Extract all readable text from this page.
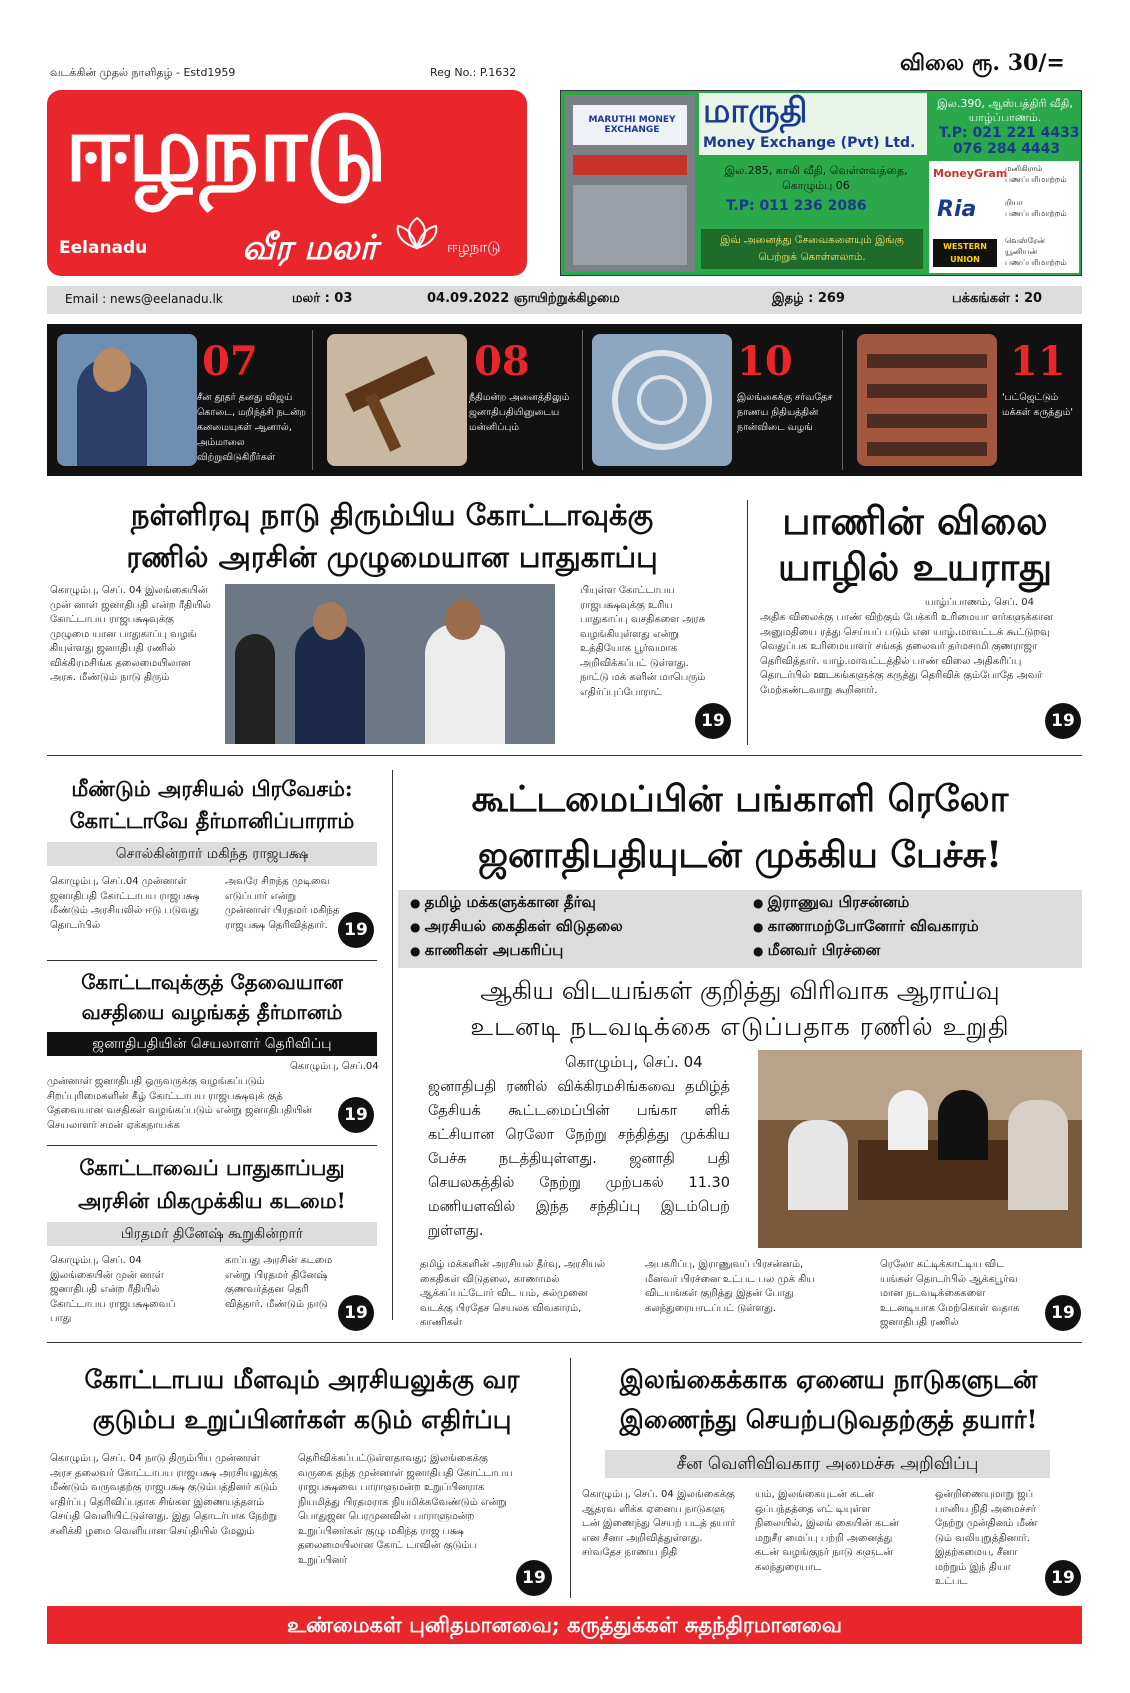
வடக்கின் முதல் நாளிதழ் - Estd1959	Reg No.: P.1632	விலை ரூ. 30/=
ஈழநாடு
Eelanadu	வீர மலர்	ஈழநாடு
MARUTHI MONEY EXCHANGE	மாருதி
Money Exchange (Pvt) Ltd.
இல.285, காலி வீதி, வெள்ளவத்தை, கொழும்பு 06
T.P: 011 236 2086
இவ் அனைத்து சேவைகளையும் இங்கு பெற்றுக் கொள்ளலாம்.
இல.390, ஆஸ்பத்திரி வீதி, யாழ்ப்பாணம்.
T.P: 021 221 4433
076 284 4443
MoneyGram
மனிகிராம் பணப்பரிமாற்றம்
Ria	றியா பணப்பரிமாற்றம்
WESTERN UNION
வெஸ்ரேன் யூனியன் பணப்பரிமாற்றம்
Email : news@eelanadu.lk	மலர் : 03	04.09.2022 ஞாயிற்றுக்கிழமை	இதழ் : 269	பக்கங்கள் : 20
07
சீன தூதர் தனது விஜய் கொடை, மறிந்த்சி நடன்ற கனமையுகள் ஆனால், அம்மாலை விற்றுவிடுகிறீர்கள்
08
நீதிமன்ற அனைத்திலும் ஜனாதிபதியினுடைய மன்னிப்பும்
10
இலங்கைக்கு சர்வதேச நாணய நிதியத்தின் நான்விடை வழங்
11
'பட்ஜெட்டும் மக்கள் கருத்தும்'
நள்ளிரவு நாடு திரும்பிய கோட்டாவுக்கு
ரணில் அரசின் முழுமையான பாதுகாப்பு
கொழும்பு, செப். 04 இலங்கையின் முன் னாள் ஜனாதிபதி என்ற ரீதியில் கோட்டாபய ராஜபக்ஷவுக்கு முழுமை யான பாதுகாப்பு வழங் கியுள்ளது ஜனாதிபதி ரணில் விக்கிரமசிங்க தலைமையிலான அரசு. மீண்டும் நாடு திரும்
பியுள்ள கோட்டாபய ராஜபக்ஷவுக்கு உரிய பாதுகாப்பு வசதிகளை அரசு வழங்கியுள்ளது என்று உத்தியோக பூர்வமாக அறிவிக்கப்பட் டுள்ளது. நாட்டு மக் களின் மாபெரும் எதிர்ப்புப்போராட்
19
பாணின் விலை
யாழில் உயராது
யாழ்ப்பாணம், செப். 04
அதிக விலைக்கு பாண் விற்கும் பேக்கரி உரிமையா ளர்களுக்கான அனுமதியை ரத்து செய்யப் படும் என யாழ்.மாவட்டக் கூட்டுறவு வெதுப்பக உரிமையாளர் சங்கத் தலைவர் தர்மசாமி குணராஜா தெரிவித்தார். யாழ்.மாவட்டத்தில் பாண் விலை அதிகரிப்பு தொடர்பில் ஊடகங்களுக்கு கருத்து தெரிவிக் கும்போதே அவர் மேற்கண்டவாறு கூறினார்.
19
மீண்டும் அரசியல் பிரவேசம்:
கோட்டாவே தீர்மானிப்பாராம்
சொல்கின்றார் மகிந்த ராஜபக்ஷ
கொழும்பு, செப்.04 முன்னாள் ஜனாதிபதி கோட்டாபய ராஜபக்ஷ மீண்டும் அரசியலில் ஈடு படுவது தொடர்பில்
அவரே சிறந்த முடிவை எடுப்பார் என்று முன்னாள் பிரதமர் மகிந்த ராஜபக்ஷ தெரிவித்தார். 19
கோட்டாவுக்குத் தேவையான
வசதியை வழங்கத் தீர்மானம்
ஜனாதிபதியின் செயலாளர் தெரிவிப்பு
கொழும்பு, செப்.04
முன்னாள் ஜனாதிபதி ஒருவருக்கு வழங்கப்படும் சிறப்புரிமைகளின் கீழ் கோட்டாபய ராஜபக்ஷவுக் குத் தேவையான வசதிகள் வழங்கப்படும் என்று ஜனாதிபதியின் செயலாளர் சமன் ஏக்கநாயக்க	19
கோட்டாவைப் பாதுகாப்பது
அரசின் மிகமுக்கிய கடமை!
பிரதமர் தினேஷ் கூறுகின்றார்
கொழும்பு, செப். 04 இலங்கையின் முன் னாள் ஜனாதிபதி என்ற ரீதியில் கோட்டாபய ராஜபக்ஷவைப் பாது
காப்பது அரசின் கடமை என்று பிரதமர் தினேஷ் குணவர்த்தன தெரி வித்தார். மீண்டும் நாடு 19
கூட்டமைப்பின் பங்காளி ரெலோ
ஜனாதிபதியுடன் முக்கிய பேச்சு!
● தமிழ் மக்களுக்கான தீர்வு
● அரசியல் கைதிகள் விடுதலை
● காணிகள் அபகரிப்பு
● இராணுவ பிரசன்னம்
● காணாமற்போனோர் விவகாரம்
● மீனவர் பிரச்னை
ஆகிய விடயங்கள் குறித்து விரிவாக ஆராய்வு
உடனடி நடவடிக்கை எடுப்பதாக ரணில் உறுதி
கொழும்பு, செப். 04
ஜனாதிபதி ரணில் விக்கிரமசிங்கவை தமிழ்த் தேசியக் கூட்டமைப்பின் பங்கா ளிக் கட்சியான ரெலோ நேற்று சந்தித்து முக்கிய பேச்சு நடத்தியுள்ளது. ஜனாதி பதி செயலகத்தில் நேற்று முற்பகல் 11.30 மணியளவில் இந்த சந்திப்பு இடம்பெற் றுள்ளது.
தமிழ் மக்களின் அரசியல் தீர்வு, அரசியல் கைதிகள் விடுதலை, காணாமல் ஆக்கப்பட்டோர் விட யம், கல்முனை வடக்கு பிரதேச செயலக விவகாரம், காணிகள்
அபகரிப்பு, இராணுவப் பிரசன்னம், மீனவர் பிரச்னை உட்பட பல முக் கிய விடயங்கள் குறித்து இதன் போது கலந்துரையாடப்பட் டுள்ளது.
ரெலோ கட்டிக்காட்டிய விட யங்கள் தொடர்பில் ஆக்கபூர்வ மான நடவடிக்கைகளை உடனடியாக மேற்கொள் வதாக ஜனாதிபதி ரணில்	19
கோட்டாபய மீளவும் அரசியலுக்கு வர
குடும்ப உறுப்பினர்கள் கடும் எதிர்ப்பு
கொழும்பு, செப். 04 நாடு திரும்பிய முன்னாள் அரச தலைவர் கோட்டாபய ராஜபக்ஷ அரசியலுக்கு மீண்டும் வருவதற்கு ராஜபக்ஷ குடும்பத்தினர் கடும் எதிர்ப்பு தெரிவிப்பதாக சிங்கள இணையத்தளம் செய்தி வெளியிட்டுள்ளது. இது தொடர்பாக நேற்று சனிக்கி ழமை வெளியான செய்தியில் மேலும்
தெரிவிக்கப்பட்டுள்ளதாவது; இலங்கைக்கு வருகை தந்த முன்னாள் ஜனாதிபதி கோட்டாபய ராஜபக்ஷவை பாராளுமன்ற உறுப்பினராக நியமித்து பிரதமராக நியமிக்கவேண்டும் என்று பொதுஜன பெரமுனவின் பாராளுமன்ற உறுப்பினர்கள் குழு மகிந்த ராஜ பக்ஷ தலைமையிலான கோட் டாவின் குடும்ப உறுப்பினர்
19
இலங்கைக்காக ஏனைய நாடுகளுடன்
இணைந்து செயற்படுவதற்குத் தயார்!
சீன வெளிவிவகார அமைச்சு அறிவிப்பு
கொழும்பு, செப். 04 இலங்கைக்கு ஆதரவ ளிக்க ஏனைய நாடுகளு டன் இணைந்து செயற் படத் தயார் என சீனா அறிவித்துள்ளது. சர்வதேச நாணய நிதி
யம், இலங்கையுடன் கடன் ஒப்பந்தத்தை எட் டியுள்ள நிலையில், இலங் கையின் கடன் மறுசீர மைப்பு பற்றி அனைத்து கடன் வழங்குநர் நாடு களுடன் கலந்துரையாட
ஒன்றிணையுமாறு ஜப் பானிய நிதி அமைச்சர் நேற்று முன்தினம் மீண் டும் வலியுறுத்தினார். இதற்கமைய, சீனா மற்றும் இந் தியா உட்பட	19
உண்மைகள் புனிதமானவை; கருத்துக்கள் சுதந்திரமானவை
